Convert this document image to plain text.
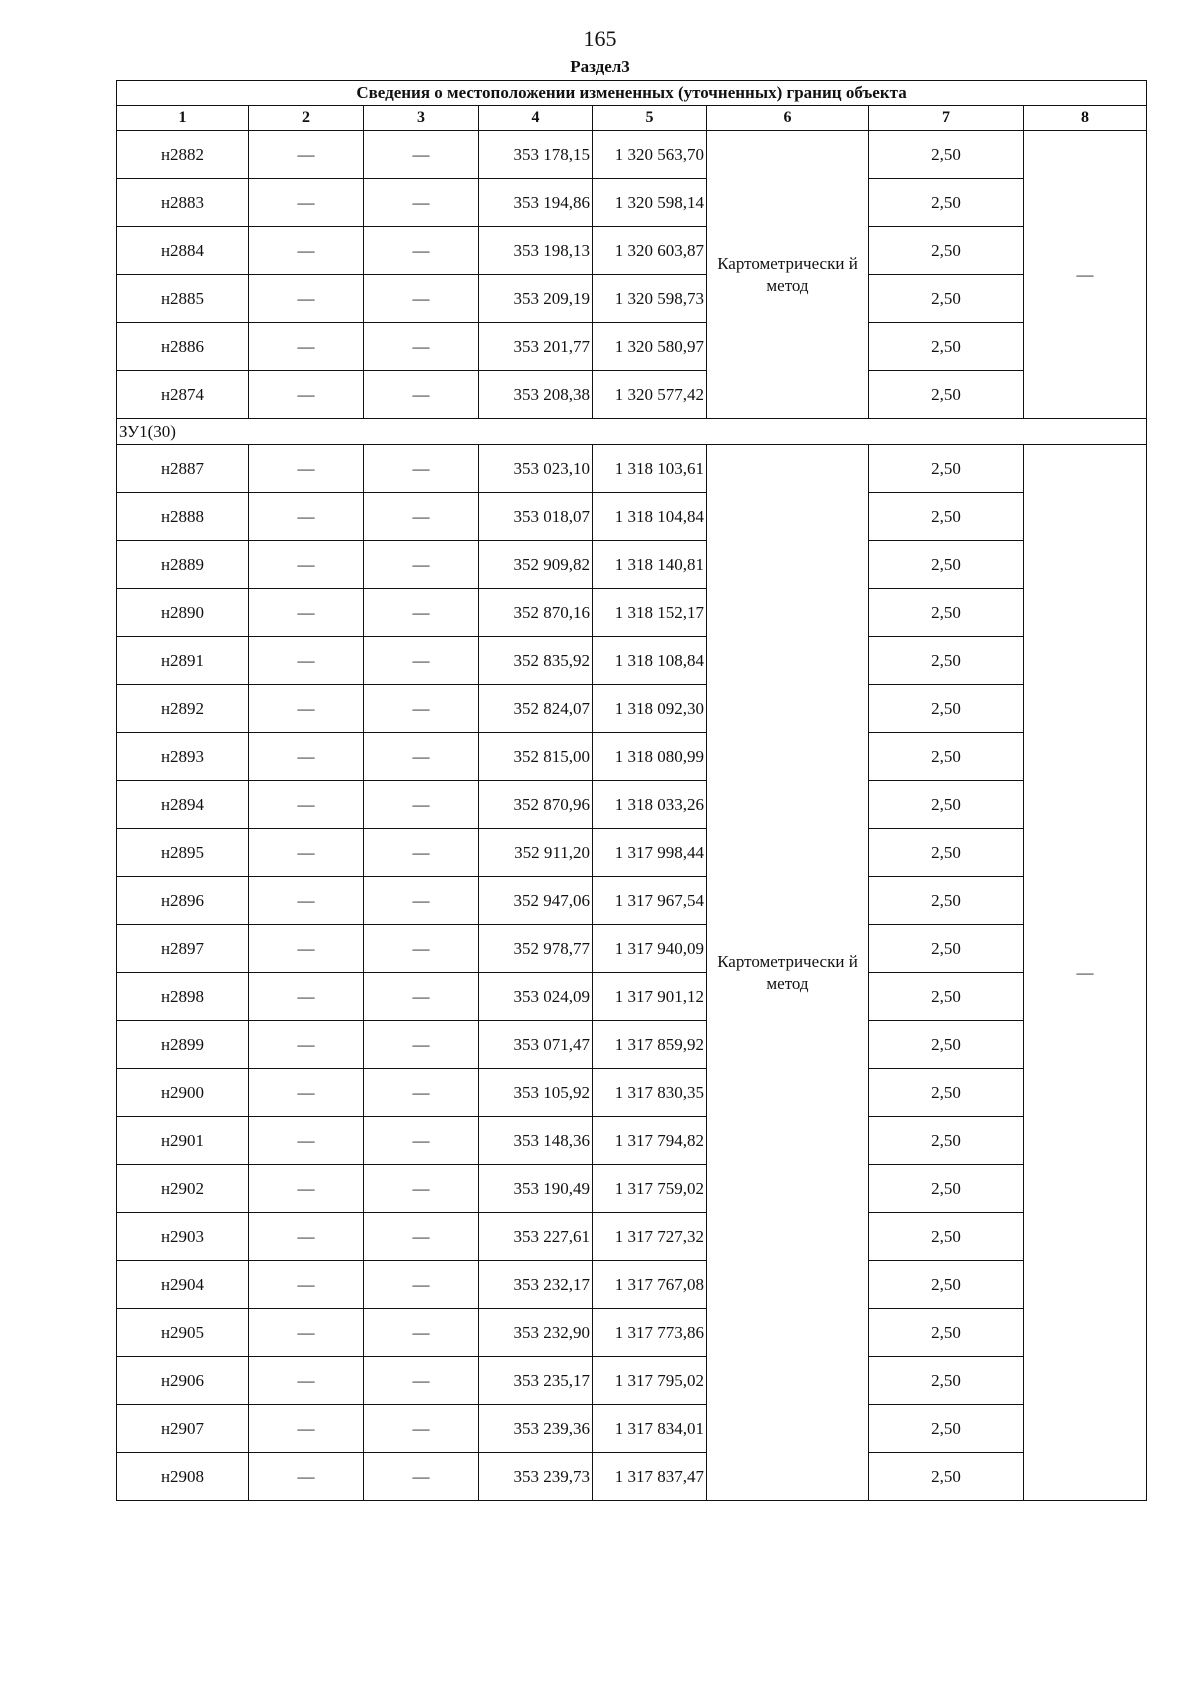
165
Раздел3
Сведения о местоположении измененных (уточненных) границ объекта							
1	2	3	4	5	6	7	8
н2882	—	—	353 178,15	1 320 563,70	Картометрически й метод	2,50	—
н2883	—	—	353 194,86	1 320 598,14		2,50	
н2884	—	—	353 198,13	1 320 603,87		2,50	
н2885	—	—	353 209,19	1 320 598,73		2,50	
н2886	—	—	353 201,77	1 320 580,97		2,50	
н2874	—	—	353 208,38	1 320 577,42		2,50	
ЗУ1(30)							
н2887	—	—	353 023,10	1 318 103,61	Картометрически й метод	2,50	—
н2888	—	—	353 018,07	1 318 104,84		2,50	
н2889	—	—	352 909,82	1 318 140,81		2,50	
н2890	—	—	352 870,16	1 318 152,17		2,50	
н2891	—	—	352 835,92	1 318 108,84		2,50	
н2892	—	—	352 824,07	1 318 092,30		2,50	
н2893	—	—	352 815,00	1 318 080,99		2,50	
н2894	—	—	352 870,96	1 318 033,26		2,50	
н2895	—	—	352 911,20	1 317 998,44		2,50	
н2896	—	—	352 947,06	1 317 967,54		2,50	
н2897	—	—	352 978,77	1 317 940,09		2,50	
н2898	—	—	353 024,09	1 317 901,12		2,50	
н2899	—	—	353 071,47	1 317 859,92		2,50	
н2900	—	—	353 105,92	1 317 830,35		2,50	
н2901	—	—	353 148,36	1 317 794,82		2,50	
н2902	—	—	353 190,49	1 317 759,02		2,50	
н2903	—	—	353 227,61	1 317 727,32		2,50	
н2904	—	—	353 232,17	1 317 767,08		2,50	
н2905	—	—	353 232,90	1 317 773,86		2,50	
н2906	—	—	353 235,17	1 317 795,02		2,50	
н2907	—	—	353 239,36	1 317 834,01		2,50	
н2908	—	—	353 239,73	1 317 837,47		2,50	
